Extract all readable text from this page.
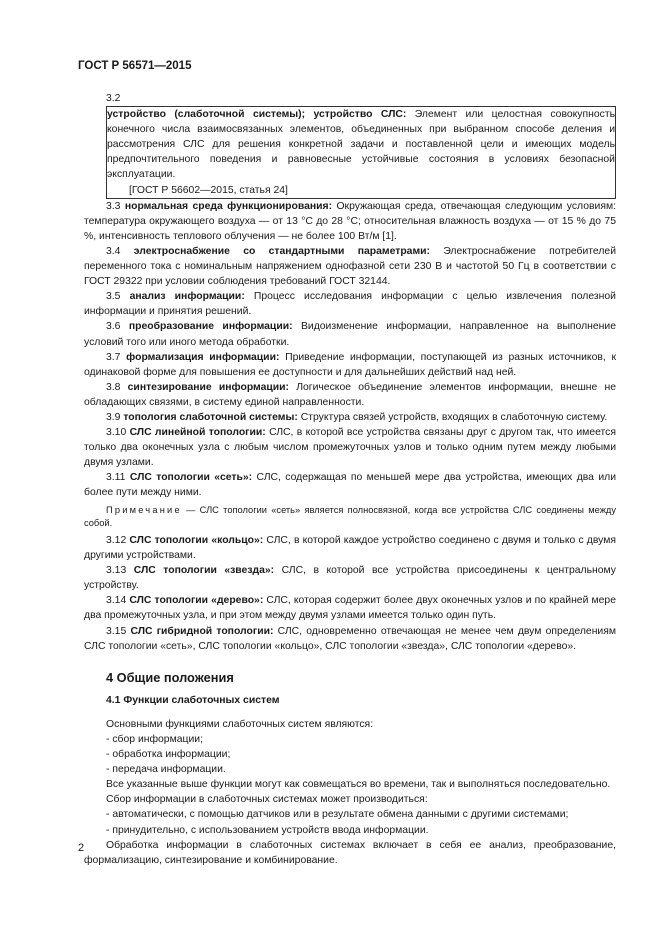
ГОСТ Р 56571—2015

3.2

устройство (слаботочной системы); устройство СЛС: Элемент или целостная совокупность конечного числа взаимосвязанных элементов, объединенных при выбранном способе деления и рассмотрения СЛС для решения конкретной задачи и поставленной цели и имеющих модель предпочтительного поведения и равновесные устойчивые состояния в условиях безопасной эксплуатации.

[ГОСТ Р 56602—2015, статья 24]

3.3 нормальная среда функционирования: Окружающая среда, отвечающая следующим условиям: температура окружающего воздуха — от 13 °С до 28 °С; относительная влажность воздуха — от 15 % до 75 %, интенсивность теплового облучения — не более 100 Вт/м [1].

3.4 электроснабжение со стандартными параметрами: Электроснабжение потребителей переменного тока с номинальным напряжением однофазной сети 230 В и частотой 50 Гц в соответствии с ГОСТ 29322 при условии соблюдения требований ГОСТ 32144.

3.5 анализ информации: Процесс исследования информации с целью извлечения полезной информации и принятия решений.

3.6 преобразование информации: Видоизменение информации, направленное на выполнение условий того или иного метода обработки.

3.7 формализация информации: Приведение информации, поступающей из разных источников, к одинаковой форме для повышения ее доступности и для дальнейших действий над ней.

3.8 синтезирование информации: Логическое объединение элементов информации, внешне не обладающих связями, в систему единой направленности.

3.9 топология слаботочной системы: Структура связей устройств, входящих в слаботочную систему.

3.10 СЛС линейной топологии: СЛС, в которой все устройства связаны друг с другом так, что имеется только два оконечных узла с любым числом промежуточных узлов и только одним путем между любыми двумя узлами.

3.11 СЛС топологии «сеть»: СЛС, содержащая по меньшей мере два устройства, имеющих два или более пути между ними.

Примечание — СЛС топологии «сеть» является полносвязной, когда все устройства СЛС соединены между собой.

3.12 СЛС топологии «кольцо»: СЛС, в которой каждое устройство соединено с двумя и только с двумя другими устройствами.

3.13 СЛС топологии «звезда»: СЛС, в которой все устройства присоединены к центральному устройству.

3.14 СЛС топологии «дерево»: СЛС, которая содержит более двух оконечных узлов и по крайней мере два промежуточных узла, и при этом между двумя узлами имеется только один путь.

3.15 СЛС гибридной топологии: СЛС, одновременно отвечающая не менее чем двум определениям СЛС топологии «сеть», СЛС топологии «кольцо», СЛС топологии «звезда», СЛС топологии «дерево».

4 Общие положения
4.1 Функции слаботочных систем

Основными функциями слаботочных систем являются:

- сбор информации;

- обработка информации;

- передача информации.

Все указанные выше функции могут как совмещаться во времени, так и выполняться последовательно.

Сбор информации в слаботочных системах может производиться:

- автоматически, с помощью датчиков или в результате обмена данными с другими системами;

- принудительно, с использованием устройств ввода информации.

Обработка информации в слаботочных системах включает в себя ее анализ, преобразование, формализацию, синтезирование и комбинирование.

2
